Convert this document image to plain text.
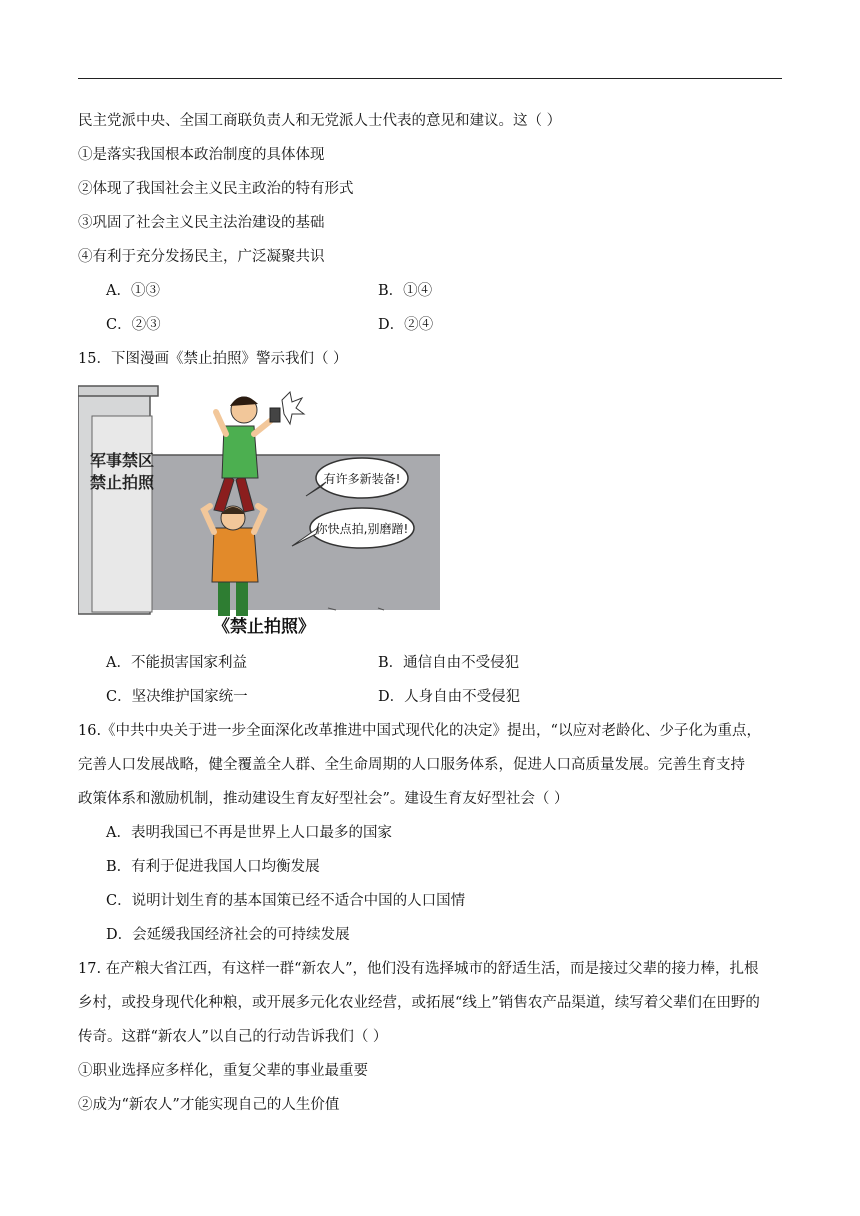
民主党派中央、全国工商联负责人和无党派人士代表的意见和建议。这（ ）
①是落实我国根本政治制度的具体体现
②体现了我国社会主义民主政治的特有形式
③巩固了社会主义民主法治建设的基础
④有利于充分发扬民主，广泛凝聚共识
A．①③	B．①④
C．②③	D．②④
15．下图漫画《禁止拍照》警示我们（ ）
军事禁区
禁止拍照	有许多新装备!
你快点拍,别磨蹭!
《禁止拍照》
A．不能损害国家利益	B．通信自由不受侵犯
C．坚决维护国家统一	D．人身自由不受侵犯
16.《中共中央关于进一步全面深化改革推进中国式现代化的决定》提出，“以应对老龄化、少子化为重点，
完善人口发展战略，健全覆盖全人群、全生命周期的人口服务体系，促进人口高质量发展。完善生育支持
政策体系和激励机制，推动建设生育友好型社会”。建设生育友好型社会（ ）
A．表明我国已不再是世界上人口最多的国家
B．有利于促进我国人口均衡发展
C．说明计划生育的基本国策已经不适合中国的人口国情
D．会延缓我国经济社会的可持续发展
17. 在产粮大省江西，有这样一群“新农人”，他们没有选择城市的舒适生活，而是接过父辈的接力棒，扎根
乡村，或投身现代化种粮，或开展多元化农业经营，或拓展“线上”销售农产品渠道，续写着父辈们在田野的
传奇。这群“新农人”以自己的行动告诉我们（ ）
①职业选择应多样化，重复父辈的事业最重要
②成为“新农人”才能实现自己的人生价值
